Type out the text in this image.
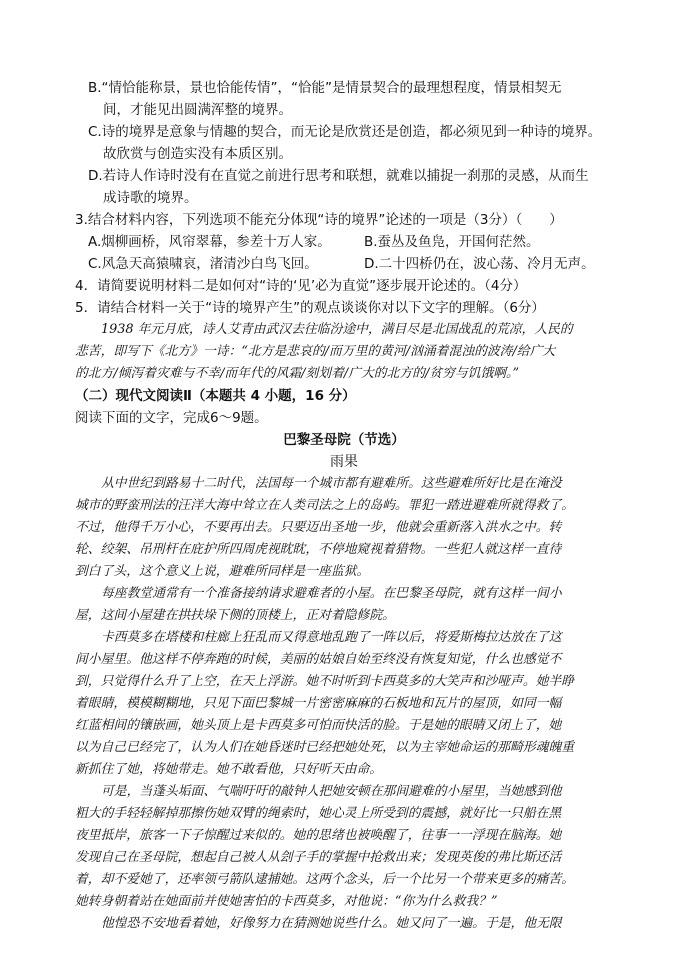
B.“情恰能称景，景也恰能传情”，“恰能”是情景契合的最理想程度，情景相契无
间，才能见出圆满浑整的境界。
C.诗的境界是意象与情趣的契合，而无论是欣赏还是创造，都必须见到一种诗的境界。
故欣赏与创造实没有本质区别。
D.若诗人作诗时没有在直觉之前进行思考和联想，就难以捕捉一刹那的灵感，从而生
成诗歌的境界。
3.结合材料内容，下列选项不能充分体现“诗的境界”论述的一项是（3分）（　　）
A.烟柳画桥，风帘翠幕，参差十万人家。 B.蚕丛及鱼凫，开国何茫然。
C.风急天高猿啸哀，渚清沙白鸟飞回。	D.二十四桥仍在，波心荡、冷月无声。
4．请简要说明材料二是如何对“诗的‘见’必为直觉”逐步展开论述的。（4分）
5．请结合材料一关于“诗的境界产生”的观点谈谈你对以下文字的理解。（6分）
1938 年元月底，诗人艾青由武汉去往临汾途中，满目尽是北国战乱的荒凉，人民的
悲苦，即写下《北方》一诗：“北方是悲哀的/而万里的黄河/汹涌着混浊的波涛/给广大
的北方/倾泻着灾难与不幸/而年代的风霜/刻划着/广大的北方的/贫穷与饥饿啊。”
（二）现代文阅读Ⅱ（本题共 4 小题，16 分）
阅读下面的文字，完成6～9题。
巴黎圣母院（节选）
雨果
从中世纪到路易十二时代，法国每一个城市都有避难所。这些避难所好比是在淹没
城市的野蛮刑法的汪洋大海中耸立在人类司法之上的岛屿。罪犯一踏进避难所就得救了。
不过，他得千万小心，不要再出去。只要迈出圣地一步，他就会重新落入洪水之中。转
轮、绞架、吊刑杆在庇护所四周虎视眈眈，不停地窥视着猎物。一些犯人就这样一直待
到白了头，这个意义上说，避难所同样是一座监狱。
每座教堂通常有一个准备接纳请求避难者的小屋。在巴黎圣母院，就有这样一间小
屋，这间小屋建在拱扶垛下侧的顶楼上，正对着隐修院。
卡西莫多在塔楼和柱廊上狂乱而又得意地乱跑了一阵以后，将爱斯梅拉达放在了这
间小屋里。他这样不停奔跑的时候，美丽的姑娘自始至终没有恢复知觉，什么也感觉不
到，只觉得什么升了上空，在天上浮游。她不时听到卡西莫多的大笑声和沙哑声。她半睁
着眼睛，模模糊糊地，只见下面巴黎城一片密密麻麻的石板地和瓦片的屋顶，如同一幅
红蓝相间的镶嵌画，她头顶上是卡西莫多可怕而快活的脸。于是她的眼睛又闭上了，她
以为自己已经完了，认为人们在她昏迷时已经把她处死，以为主宰她命运的那畸形魂魄重
新抓住了她，将她带走。她不敢看他，只好听天由命。
可是，当蓬头垢面、气喘吁吁的敲钟人把她安顿在那间避难的小屋里，当她感到他
粗大的手轻轻解掉那擦伤她双臂的绳索时，她心灵上所受到的震撼，就好比一只船在黑
夜里抵岸，旅客一下子惊醒过来似的。她的思绪也被唤醒了，往事一一浮现在脑海。她
发现自己在圣母院，想起自己被人从刽子手的掌握中抢救出来；发现英俊的弗比斯还活
着，却不爱她了，还率领弓箭队逮捕她。这两个念头，后一个比另一个带来更多的痛苦。
她转身朝着站在她面前并使她害怕的卡西莫多，对他说：“你为什么救我？”
他惶恐不安地看着她，好像努力在猜测她说些什么。她又问了一遍。于是，他无限
